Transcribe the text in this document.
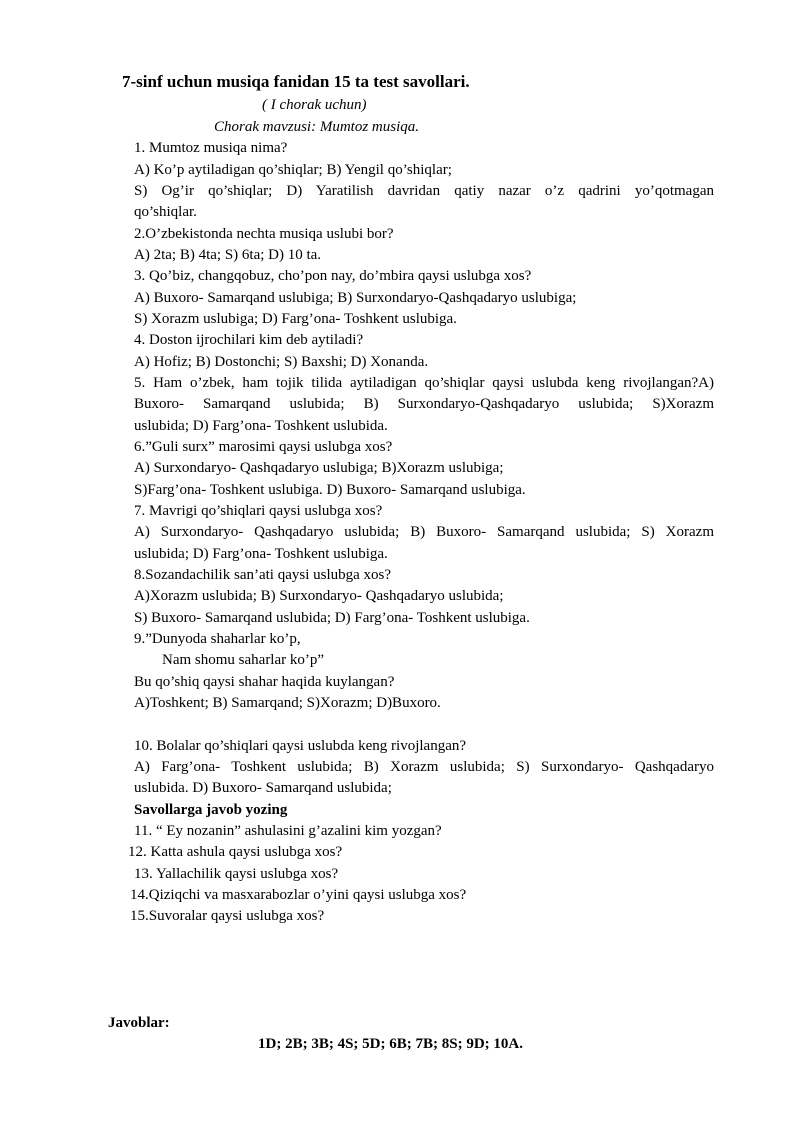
7-sinf uchun musiqa fanidan 15 ta test savollari.
( I chorak uchun)
Chorak mavzusi: Mumtoz musiqa.
1. Mumtoz musiqa nima?
A) Ko’p aytiladigan qo’shiqlar; B) Yengil qo’shiqlar;
S) Og’ir qo’shiqlar; D) Yaratilish davridan qatiy nazar o’z qadrini yo’qotmagan
qo’shiqlar.
2.O’zbekistonda nechta musiqa uslubi bor?
A) 2ta; B) 4ta; S) 6ta; D) 10 ta.
3. Qo’biz, changqobuz, cho’pon nay, do’mbira qaysi uslubga xos?
A) Buxoro- Samarqand uslubiga; B) Surxondaryo-Qashqadaryo uslubiga;
S) Xorazm uslubiga; D) Farg’ona- Toshkent uslubiga.
4. Doston ijrochilari kim deb aytiladi?
A) Hofiz; B) Dostonchi; S) Baxshi; D) Xonanda.
5. Ham o’zbek, ham tojik tilida aytiladigan qo’shiqlar qaysi uslubda keng rivojlangan?A)
Buxoro- Samarqand uslubida; B) Surxondaryo-Qashqadaryo uslubida; S)Xorazm
uslubida; D) Farg’ona- Toshkent uslubida.
6.”Guli surx” marosimi qaysi uslubga xos?
A) Surxondaryo- Qashqadaryo uslubiga; B)Xorazm uslubiga;
S)Farg’ona- Toshkent uslubiga. D) Buxoro- Samarqand uslubiga.
7. Mavrigi qo’shiqlari qaysi uslubga xos?
A) Surxondaryo- Qashqadaryo uslubida; B) Buxoro- Samarqand uslubida; S) Xorazm
uslubida; D) Farg’ona- Toshkent uslubiga.
8.Sozandachilik san’ati qaysi uslubga xos?
A)Xorazm uslubida; B) Surxondaryo- Qashqadaryo uslubida;
S) Buxoro- Samarqand uslubida; D) Farg’ona- Toshkent uslubiga.
9.”Dunyoda shaharlar ko’p,
Nam shomu saharlar ko’p”
Bu qo’shiq qaysi shahar haqida kuylangan?
A)Toshkent; B) Samarqand; S)Xorazm; D)Buxoro.
10. Bolalar qo’shiqlari qaysi uslubda keng rivojlangan?
A) Farg’ona- Toshkent uslubida; B) Xorazm uslubida; S) Surxondaryo- Qashqadaryo
uslubida. D) Buxoro- Samarqand uslubida;
Savollarga javob yozing
11. “ Ey nozanin” ashulasini g’azalini kim yozgan?
12. Katta ashula qaysi uslubga xos?
13. Yallachilik qaysi uslubga xos?
14.Qiziqchi va masxarabozlar o’yini qaysi uslubga xos?
15.Suvoralar qaysi uslubga xos?
Javoblar:
1D; 2B; 3B; 4S; 5D; 6B; 7B; 8S; 9D; 10A.
